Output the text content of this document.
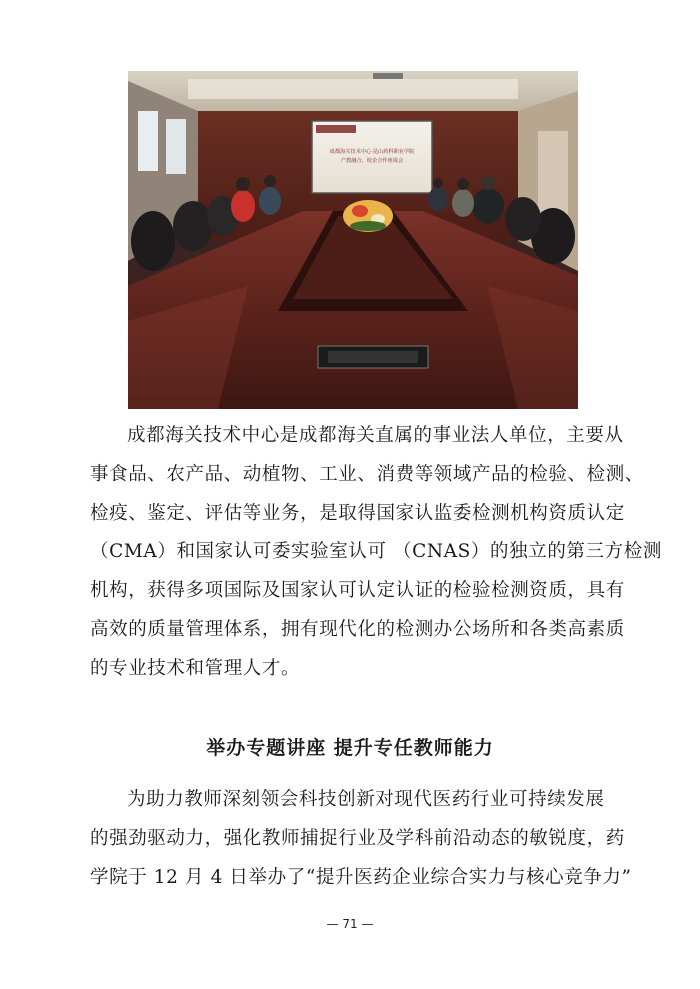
成都海关技术中心·昆山药科职业学院
产教融合、校企合作座谈会
成都海关技术中心是成都海关直属的事业法人单位，主要从
事食品、农产品、动植物、工业、消费等领域产品的检验、检测、
检疫、鉴定、评估等业务，是取得国家认监委检测机构资质认定
（CMA）和国家认可委实验室认可 （CNAS）的独立的第三方检测
机构，获得多项国际及国家认可认定认证的检验检测资质，具有
高效的质量管理体系，拥有现代化的检测办公场所和各类高素质
的专业技术和管理人才。
举办专题讲座 提升专任教师能力
为助力教师深刻领会科技创新对现代医药行业可持续发展
的强劲驱动力，强化教师捕捉行业及学科前沿动态的敏锐度，药
学院于 12 月 4 日举办了“提升医药企业综合实力与核心竞争力”
— 71 —
